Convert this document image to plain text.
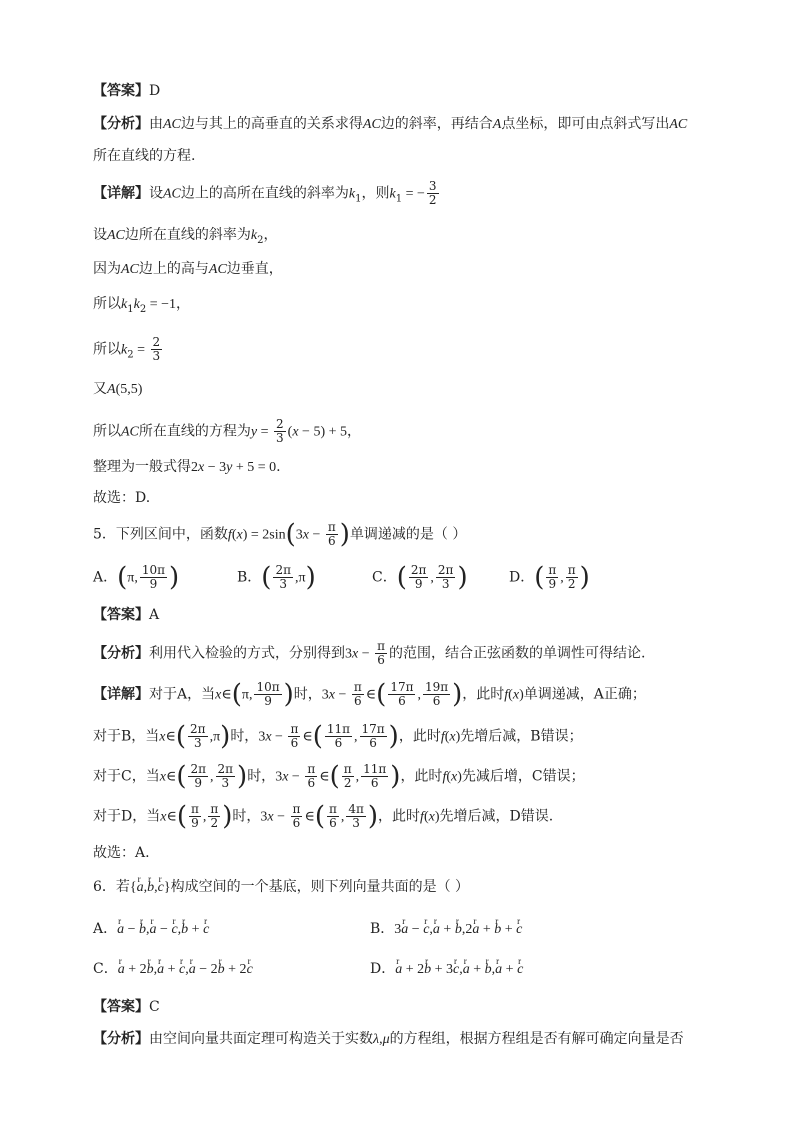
【答案】D
【分析】由AC边与其上的高垂直的关系求得AC边的斜率，再结合A点坐标，即可由点斜式写出AC
所在直线的方程.
【详解】设AC边上的高所在直线的斜率为$k_1$，则$k_1$ = − $\frac{3}{2}$
设AC边所在直线的斜率为$k_2$，
因为AC边上的高与AC边垂直，
所以$k_1k_2 = -1$，
所以$k_2 = \frac{2}{3}$
又A(5,5)
所以AC所在直线的方程为$y = \frac{2}{3} (x - 5) + 5$，
整理为一般式得2x − 3y + 5 = 0.
故选：D.
5．下列区间中，函数$f(x) = 2\sin(3x - \frac{\pi}{6}$ )单调递减的是（ ）
A．(π, $\frac{10\pi}{9}$ )	B．( $\frac{2\pi}{3} ,\pi$)	C．( $\frac{2\pi}{9}$ , $\frac{2\pi}{3}$ )	D．( $\frac{\pi}{9}$ , $\frac{\pi}{2}$ )
【答案】A
【分析】利用代入检验的方式，分别得到$3x - \frac{\pi}{6}$ 的范围，结合正弦函数的单调性可得结论.
【详解】对于A，当x∈(π, $\frac{10\pi}{9}$ )时，$3x - \frac{\pi}{6}$ ∈( $\frac{17\pi}{6}$ , $\frac{19\pi}{6}$ )，此时f(x)单调递减，A正确；
对于B，当x∈( $\frac{2\pi}{3} ,\pi$)时，$3x - \frac{\pi}{6}$ ∈( $\frac{11\pi}{6}$ , $\frac{17\pi}{6}$ )，此时f(x)先增后减，B错误；
对于C，当x∈( $\frac{2\pi}{9}$ , $\frac{2\pi}{3}$ )时，$3x - \frac{\pi}{6}$ ∈( $\frac{\pi}{2}$ , $\frac{11\pi}{6}$ )，此时f(x)先减后增，C错误；
对于D，当x∈( $\frac{\pi}{9}$ , $\frac{\pi}{2}$ )时，$3x - \frac{\pi}{6}$ ∈( $\frac{\pi}{6}$ , $\frac{4\pi}{3}$ )，此时f(x)先增后减，D错误.
故选：A.
6．若{r a,r b,r c}构成空间的一个基底，则下列向量共面的是（ ）
A．r a − r b,r a − r c,r b + r c	B．3r a − r c,r a + r b,2r a + r b + r c
C．r a + 2r b,r a + r c,r a − 2r b + 2r c	D．r a + 2r b + 3r c,r a + r b,r a + r c
【答案】C
【分析】由空间向量共面定理可构造关于实数λ,μ的方程组，根据方程组是否有解可确定向量是否
